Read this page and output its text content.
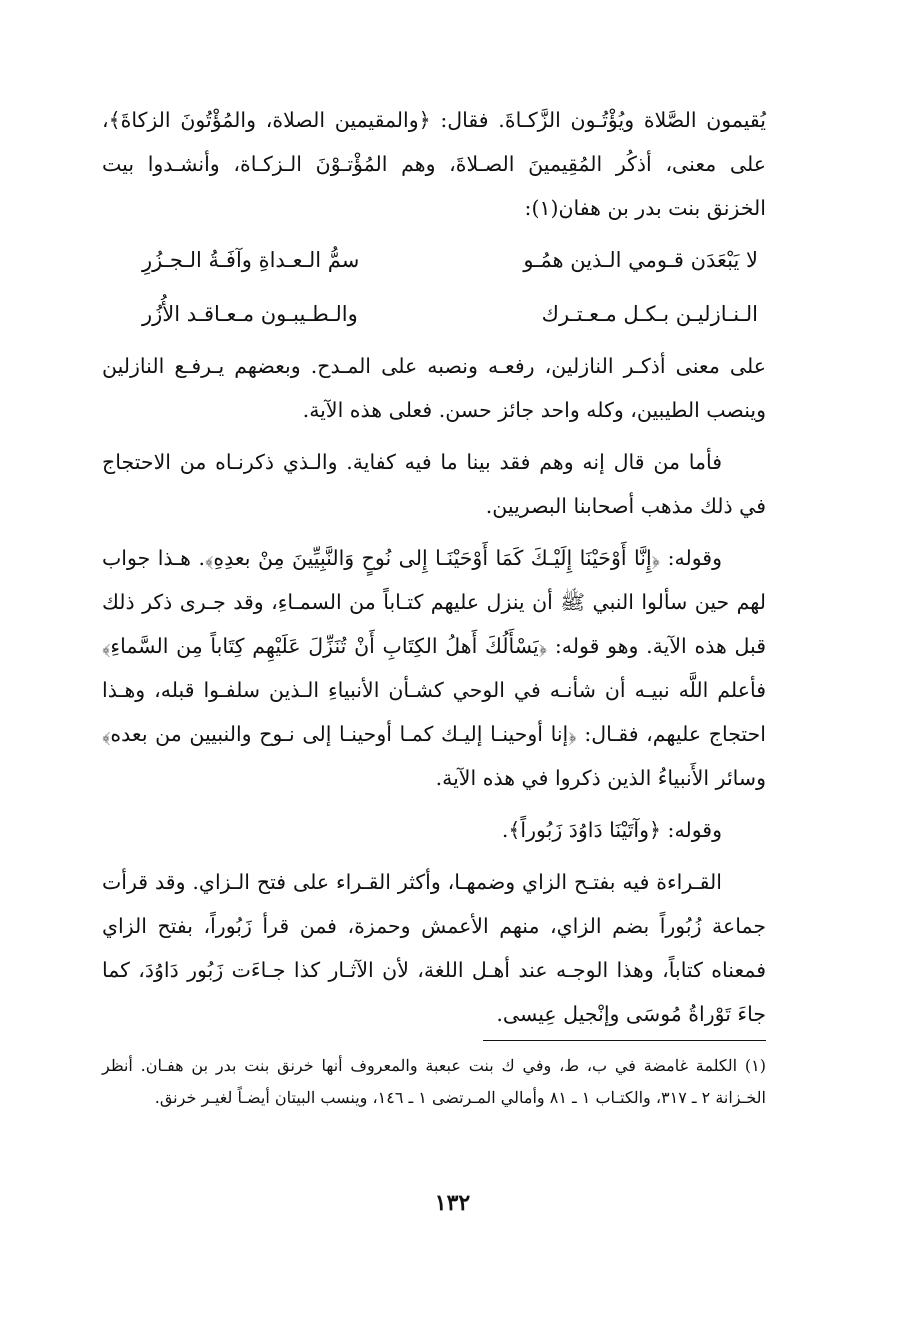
يُقيمون الصَّلاة ويُؤْتُـون الزَّكـاةَ. فقال: ﴿والمقيمين الصلاة، والمُؤْتُونَ الزكاةَ﴾، على معنى، أذكُر المُقِيمينَ الصـلاةَ، وهم المُؤْتـوْنَ الـزكـاة، وأنشـدوا بيت الخزنق بنت بدر بن هفان(١):

لا يَبْعَدَن قـومي الـذين همُـو
سمُّ الـعـداةِ وآفَـةُ الـجـزُرِ
الـنـازليـن بـكـل مـعـتـرك
والـطـيبـون مـعـاقـد الأُزُر

على معنى أذكـر النازلين، رفعـه ونصبه على المـدح. وبعضهم يـرفـع النازلين وينصب الطيبين، وكله واحد جائز حسن. فعلى هذه الآية.

فأما من قال إنه وهم فقد بينا ما فيه كفاية. والـذي ذكرنـاه من الاحتجاج في ذلك مذهب أصحابنا البصريين.

وقوله: ﴿إِنَّا أَوْحَيْنَا إِلَيْـكَ كَمَا أَوْحَيْنَـا إِلى نُوحٍ وَالنَّبِيِّينَ مِنْ بعدِهِ﴾. هـذا جواب لهم حين سألوا النبي ﷺ أن ينزل عليهم كتـاباً من السمـاءِ، وقد جـرى ذكر ذلك قبل هذه الآية. وهو قوله: ﴿يَسْأَلُكَ أَهلُ الكِتَابِ أَنْ تُنَزِّلَ عَلَيْهِم كِتَاباً مِن السَّماءِ﴾ فأعلم اللَّه نبيـه أن شأنـه في الوحي كشـأن الأنبياءِ الـذين سلفـوا قبله، وهـذا احتجاج عليهم، فقـال: ﴿إنا أوحينـا إليـك كمـا أوحينـا إلى نـوح والنبيين من بعده﴾ وسائر الأَنبياءُ الذين ذكروا في هذه الآية.

وقوله: ﴿وآتَيْنَا دَاوُدَ زَبُوراً﴾.

القـراءة فيه بفتـح الزاي وضمهـا، وأكثر القـراء على فتح الـزاي. وقد قرأت جماعة زُبُوراً بضم الزاي، منهم الأعمش وحمزة، فمن قرأ زَبُوراً، بفتح الزاي فمعناه كتاباً، وهذا الوجـه عند أهـل اللغة، لأن الآثـار كذا جـاءَت زَبُور دَاوُدَ، كما جاءَ تَوْراةُ مُوسَى وإنْجيل عِيسى.

(١) الكلمة غامضة في ب، ط، وفي ك بنت عبعبة والمعروف أنها خرنق بنت بدر بن هفـان. أنظر الخـزانة ٢ ـ ٣١٧، والكتـاب ١ ـ ٨١ وأمالي المـرتضى ١ ـ ١٤٦، وينسب البيتان أيضـاً لغيـر خرنق.

١٣٢
